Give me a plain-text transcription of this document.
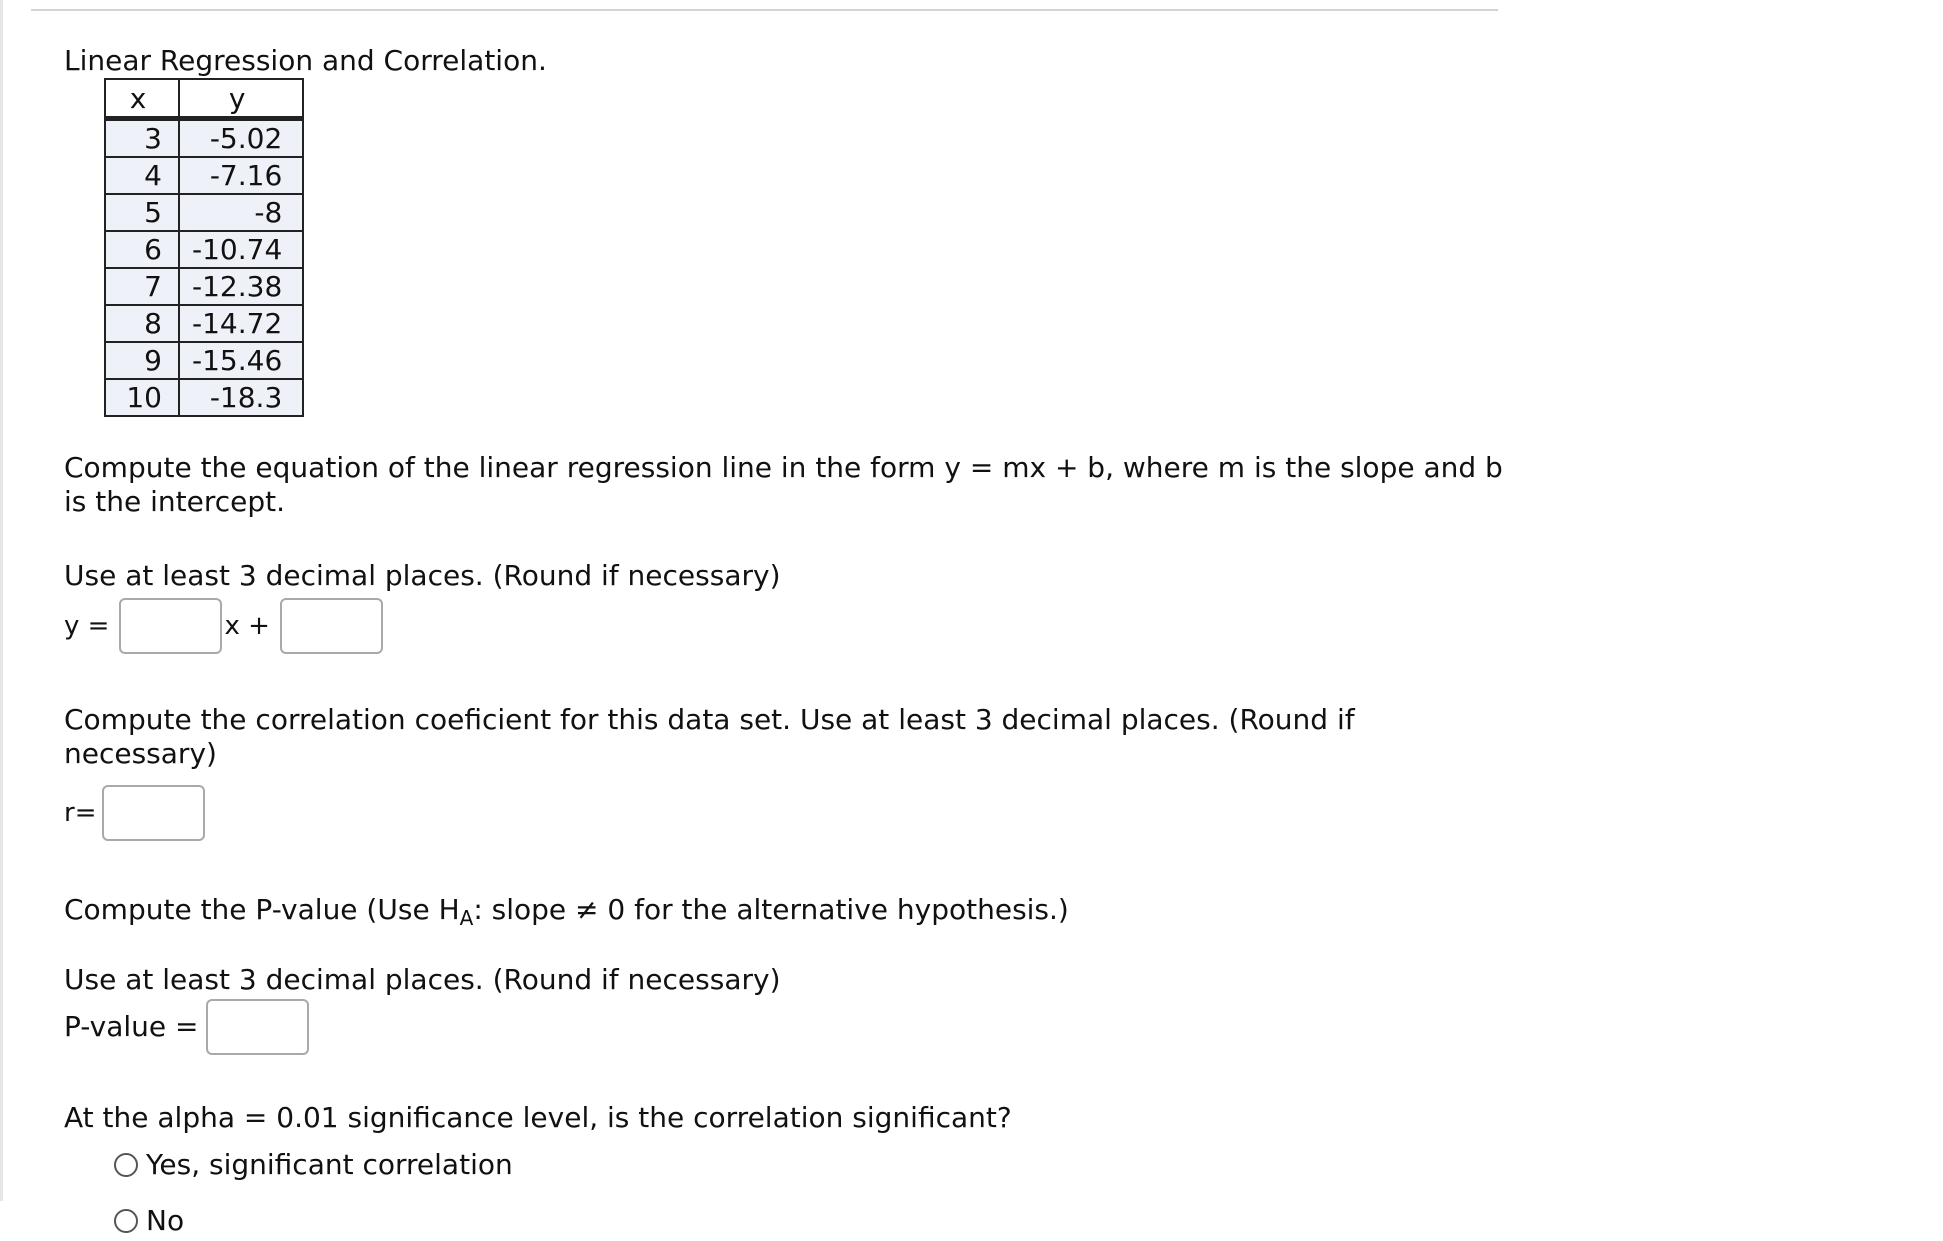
Linear Regression and Correlation.

x	y
3	-5.02
4	-7.16
5	-8
6	-10.74
7	-12.38
8	-14.72
9	-15.46
10	-18.3

Compute the equation of the linear regression line in the form y = mx + b, where m is the slope and b is the intercept.

Use at least 3 decimal places. (Round if necessary)

y =	x +

Compute the correlation coeficient for this data set. Use at least 3 decimal places. (Round if necessary)

r=

Compute the P-value (Use $H_A$: slope ≠ 0 for the alternative hypothesis.)

Use at least 3 decimal places. (Round if necessary)

P-value =

At the alpha = 0.01 significance level, is the correlation significant?

Yes, significant correlation
No
